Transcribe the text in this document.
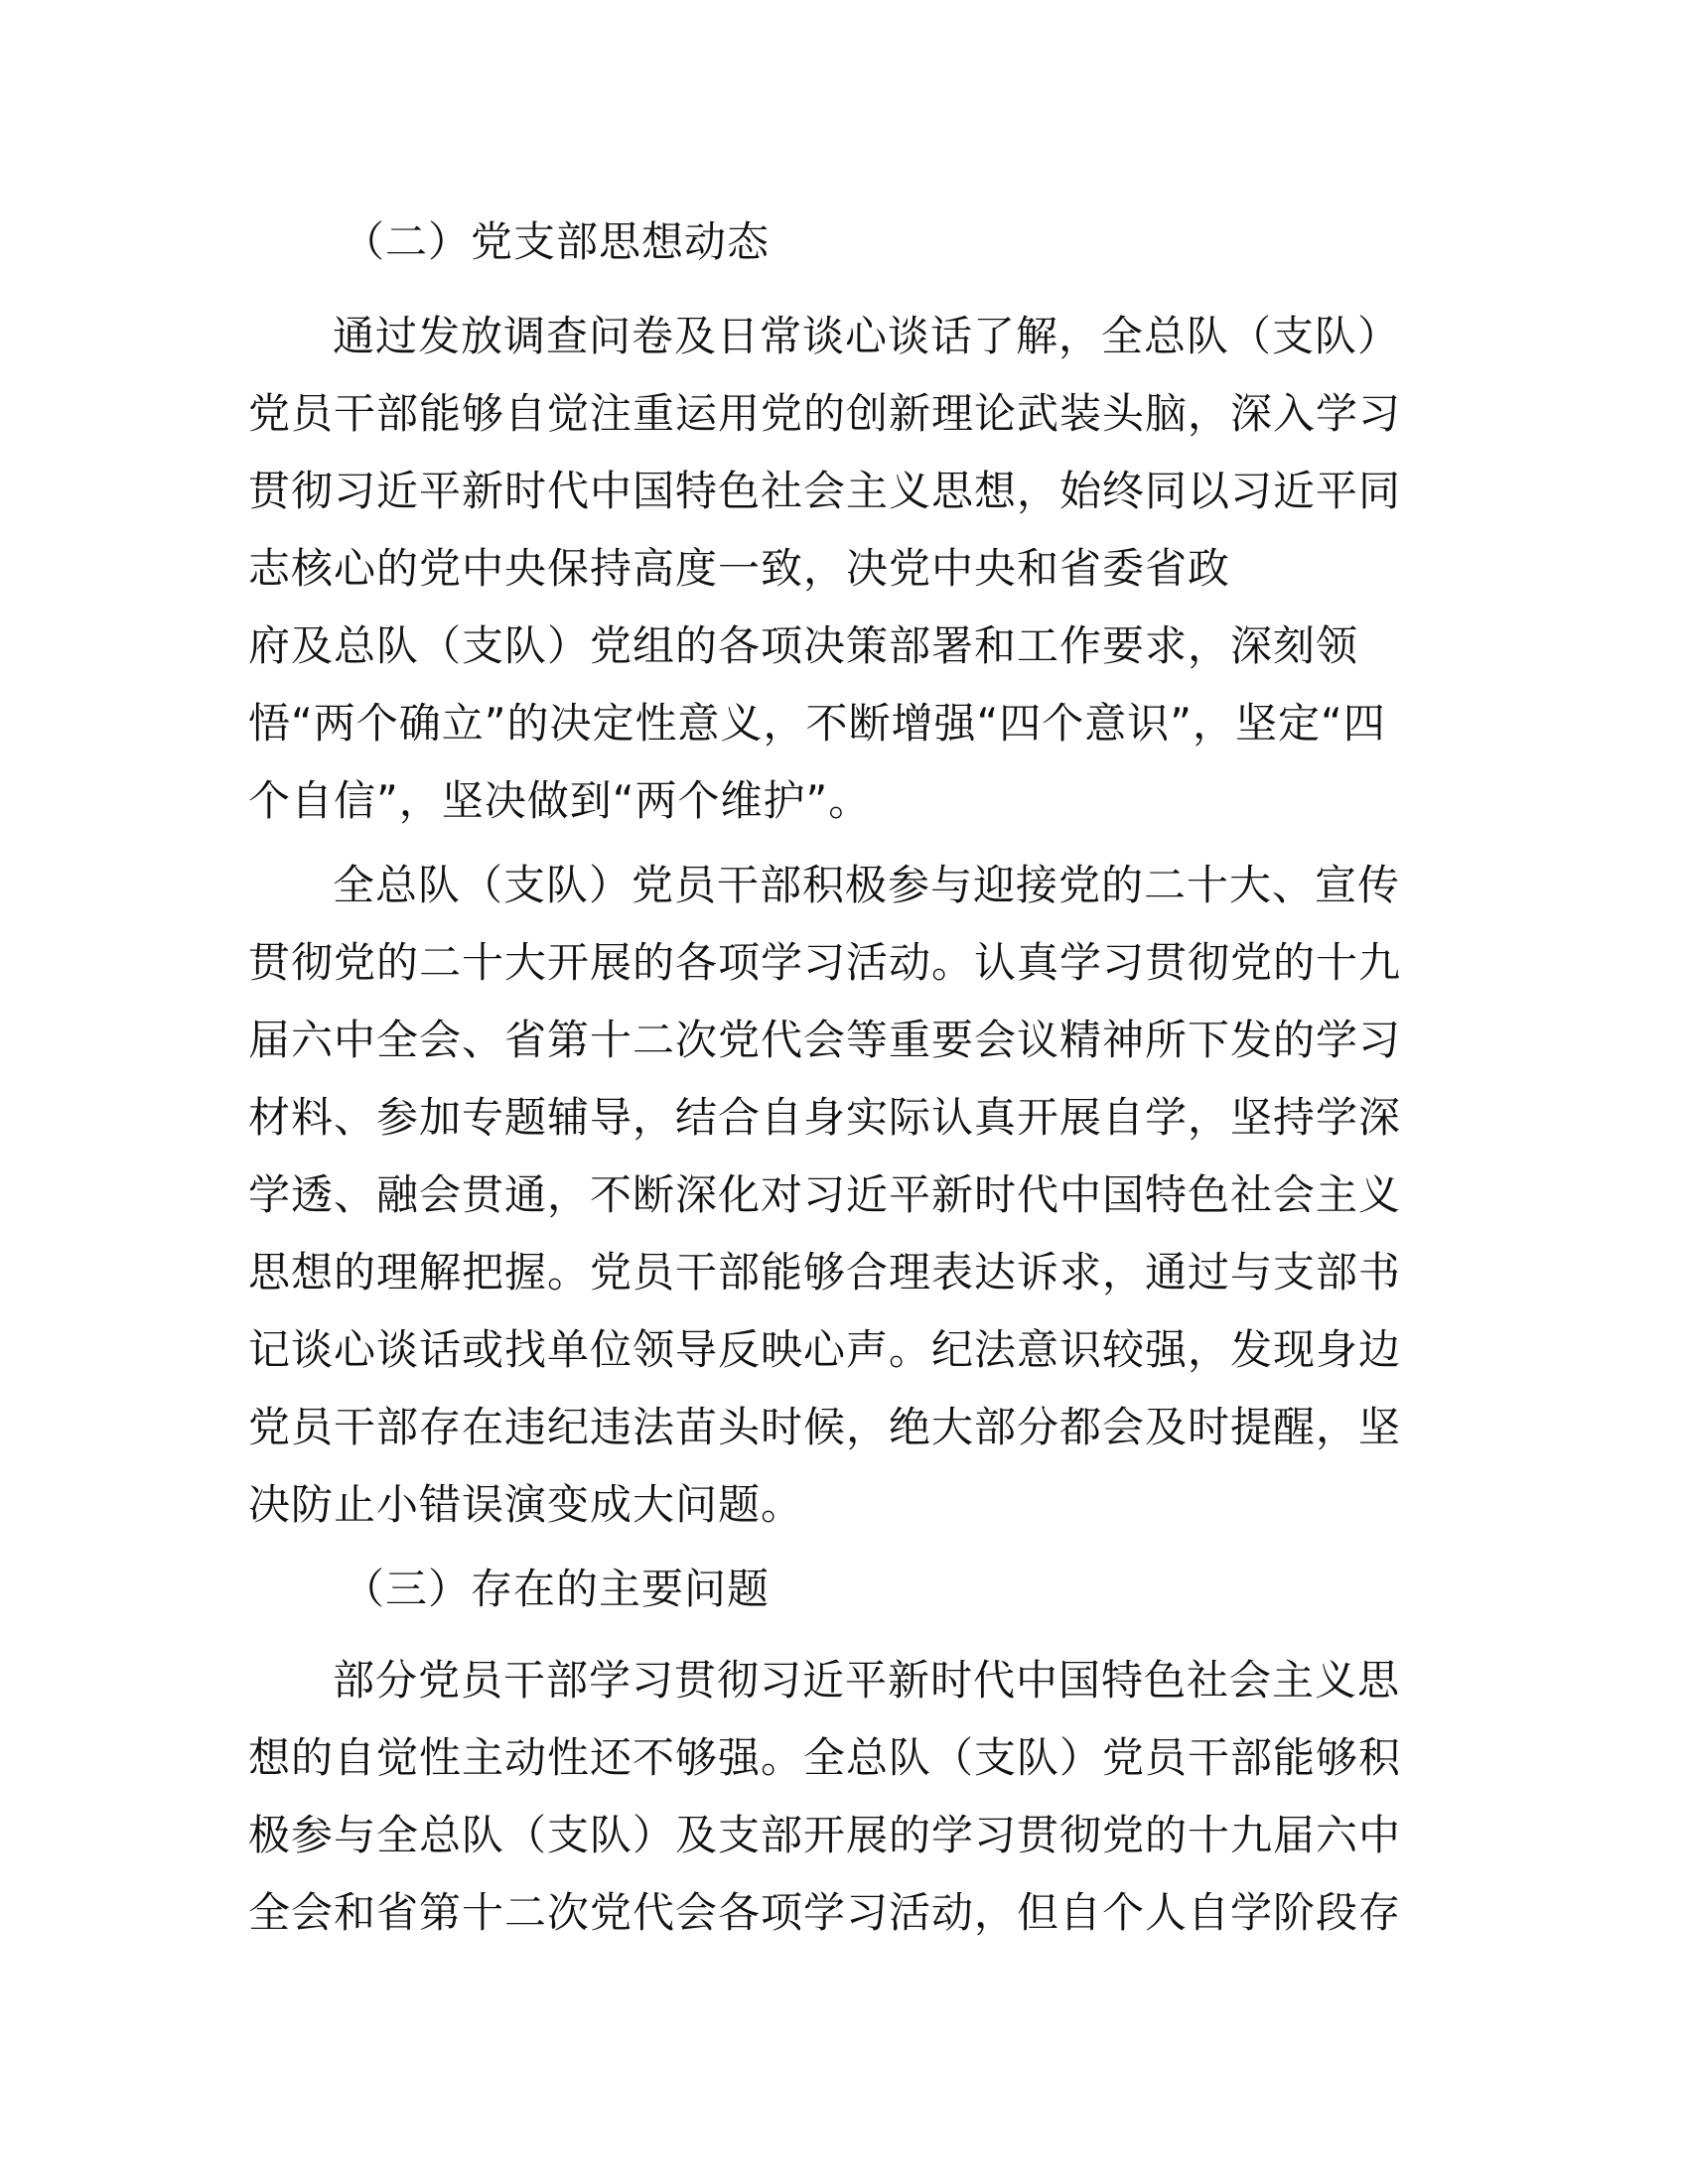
（二）党支部思想动态
通过发放调查问卷及日常谈心谈话了解，全总队（支队）
党员干部能够自觉注重运用党的创新理论武装头脑，深入学习
贯彻习近平新时代中国特色社会主义思想，始终同以习近平同
志核心的党中央保持高度一致，决党中央和省委省政
府及总队（支队）党组的各项决策部署和工作要求，深刻领
悟“两个确立”的决定性意义，不断增强“四个意识”，坚定“四
个自信”，坚决做到“两个维护”。
全总队（支队）党员干部积极参与迎接党的二十大、宣传
贯彻党的二十大开展的各项学习活动。认真学习贯彻党的十九
届六中全会、省第十二次党代会等重要会议精神所下发的学习
材料、参加专题辅导，结合自身实际认真开展自学，坚持学深
学透、融会贯通，不断深化对习近平新时代中国特色社会主义
思想的理解把握。党员干部能够合理表达诉求，通过与支部书
记谈心谈话或找单位领导反映心声。纪法意识较强，发现身边
党员干部存在违纪违法苗头时候，绝大部分都会及时提醒，坚
决防止小错误演变成大问题。
（三）存在的主要问题
部分党员干部学习贯彻习近平新时代中国特色社会主义思
想的自觉性主动性还不够强。全总队（支队）党员干部能够积
极参与全总队（支队）及支部开展的学习贯彻党的十九届六中
全会和省第十二次党代会各项学习活动，但自个人自学阶段存
